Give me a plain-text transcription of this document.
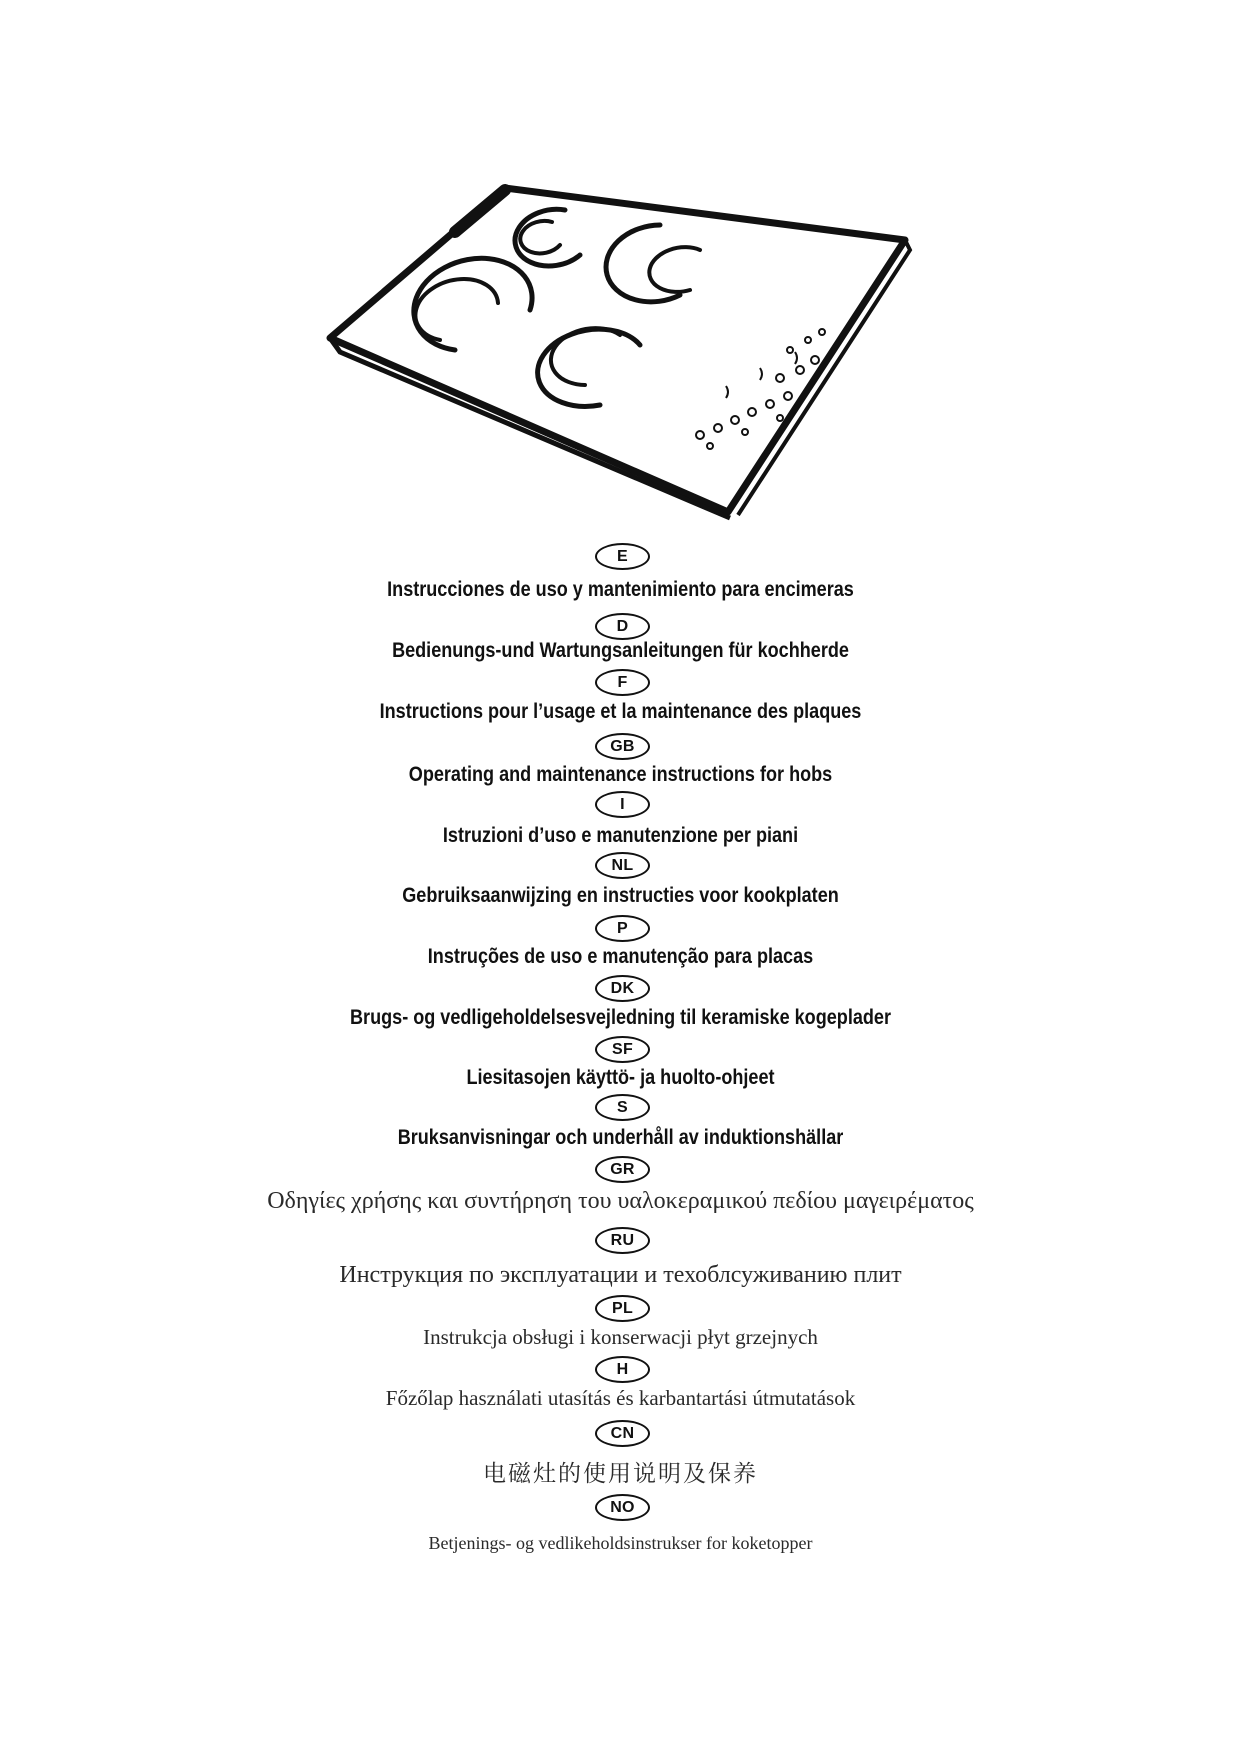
E
Instrucciones de uso y mantenimiento para encimeras
D
Bedienungs-und Wartungsanleitungen für kochherde
F
Instructions pour l’usage et la maintenance des plaques
GB
Operating and maintenance instructions for hobs
I
Istruzioni d’uso e manutenzione per piani
NL
Gebruiksaanwijzing en instructies voor kookplaten
P
Instruções de uso e manutenção para placas
DK
Brugs- og vedligeholdelsesvejledning til keramiske kogeplader
SF
Liesitasojen käyttö- ja huolto-ohjeet
S
Bruksanvisningar och underhåll av induktionshällar
GR
Οδηγίες χρήσης και συντήρηση του υαλοκεραμικού πεδίου μαγειρέματος
RU
Инструкция по эксплуатации и техоблсуживанию плит
PL
Instrukcja obsługi i konserwacji płyt grzejnych
H
Főzőlap használati utasítás és karbantartási útmutatások
CN
电磁灶的使用说明及保养
NO
Betjenings- og vedlikeholdsinstrukser for koketopper
